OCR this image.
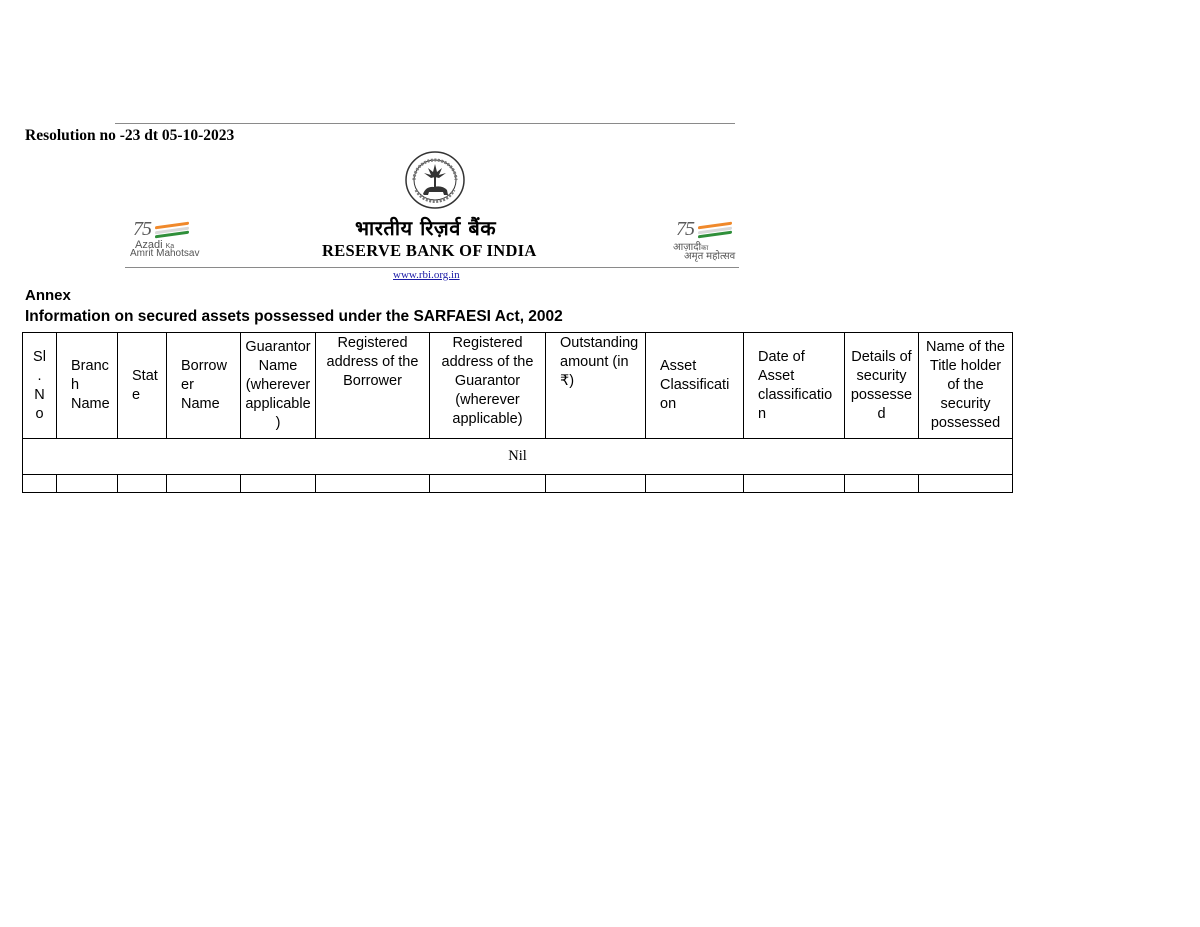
Resolution no -23 dt 05-10-2023
75
Azadi Ka
Amrit Mahotsav
भारतीय रिज़र्व बैंक
RESERVE BANK OF INDIA
75
आज़ादीका
अमृत महोत्सव
www.rbi.org.in
Annex
Information on secured assets possessed under the SARFAESI Act, 2002
Sl
.
N
o	Branc
h
Name	Stat
e	Borrow
er
Name	Guarantor
Name
(wherever
applicable
)	Registered
address of the
Borrower	Registered
address of the
Guarantor
(wherever
applicable)	Outstanding
amount (in
₹)	Asset
Classificati
on	Date of
Asset
classificatio
n	Details of
security
possesse
d	Name of the
Title holder
of the
security
possessed

Nil											
